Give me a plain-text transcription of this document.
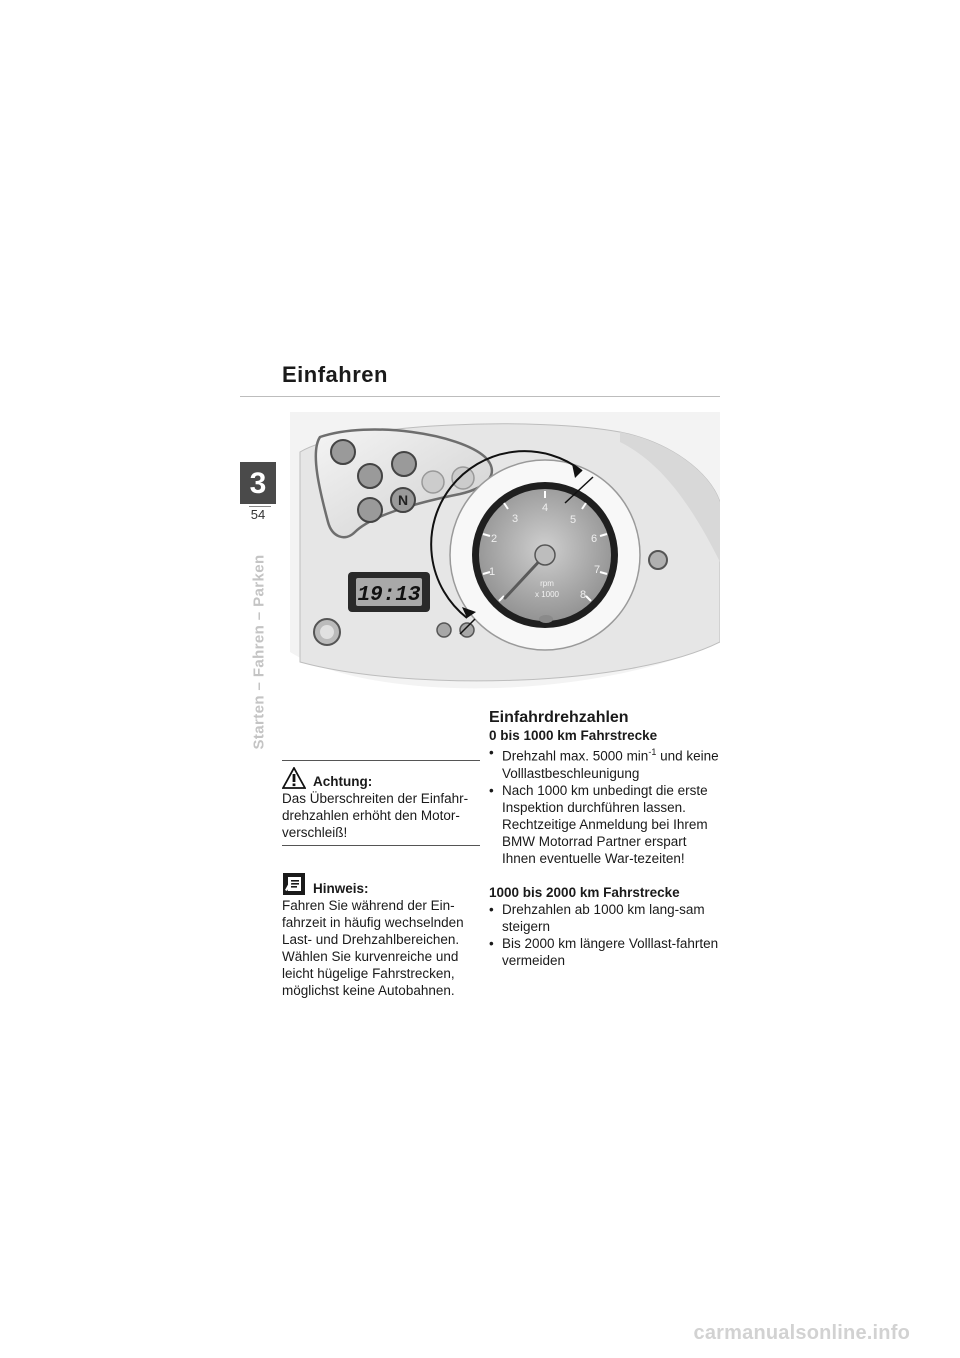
Einfahren
3
54
Starten – Fahren – Parken
N
19:13
1
2
3
4
5
6
7
8
rpm
x 1000
Achtung:
Das Überschreiten der Einfahr-drehzahlen erhöht den Motor-verschleiß!
Hinweis:
Fahren Sie während der Ein-fahrzeit in häufig wechselnden Last- und Drehzahlbereichen. Wählen Sie kurvenreiche und leicht hügelige Fahrstrecken, möglichst keine Autobahnen.
Einfahrdrehzahlen
0 bis 1000 km Fahrstrecke
• Drehzahl max. 5000 $\min^{-1}$ und keine Volllastbeschleunigung
• Nach 1000 km unbedingt die erste Inspektion durchführen lassen.
Rechtzeitige Anmeldung bei Ihrem BMW Motorrad Partner erspart Ihnen eventuelle War-tezeiten!
1000 bis 2000 km Fahrstrecke
• Drehzahlen ab 1000 km lang-sam steigern
• Bis 2000 km längere Volllast-fahrten vermeiden
carmanualsonline.info
